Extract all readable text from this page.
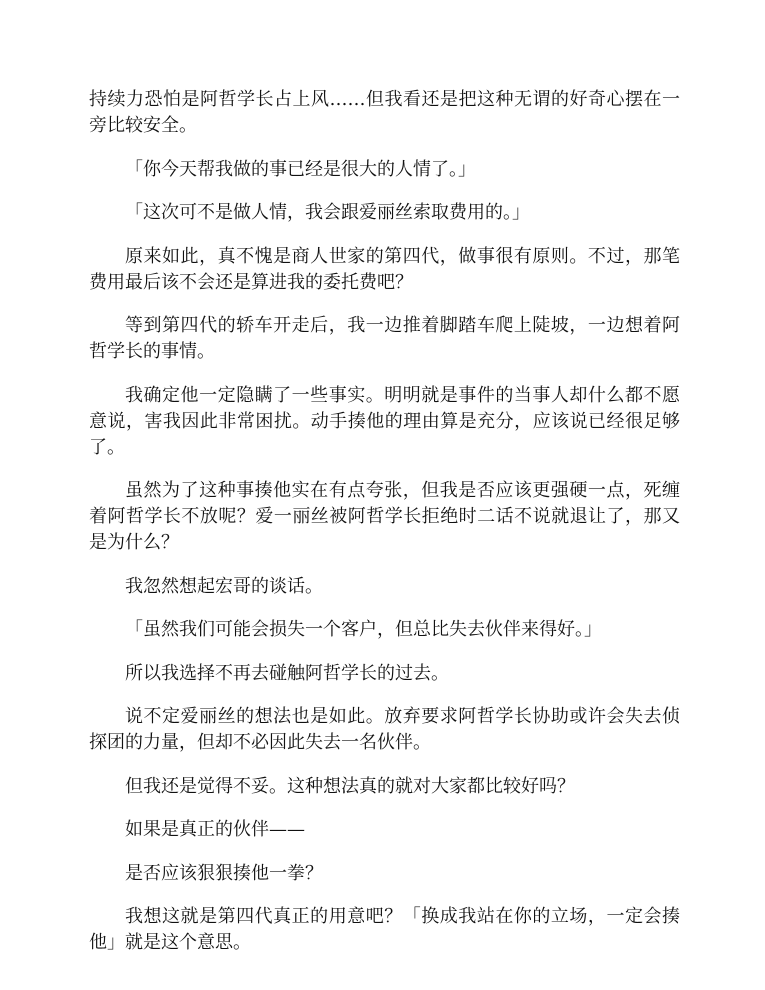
持续力恐怕是阿哲学长占上风……但我看还是把这种无谓的好奇心摆在一旁比较安全。

「你今天帮我做的事已经是很大的人情了。」

「这次可不是做人情，我会跟爱丽丝索取费用的。」

原来如此，真不愧是商人世家的第四代，做事很有原则。不过，那笔费用最后该不会还是算进我的委托费吧？

等到第四代的轿车开走后，我一边推着脚踏车爬上陡坡，一边想着阿哲学长的事情。

我确定他一定隐瞒了一些事实。明明就是事件的当事人却什么都不愿意说，害我因此非常困扰。动手揍他的理由算是充分，应该说已经很足够了。

虽然为了这种事揍他实在有点夸张，但我是否应该更强硬一点，死缠着阿哲学长不放呢？爱一丽丝被阿哲学长拒绝时二话不说就退让了，那又是为什么？

我忽然想起宏哥的谈话。

「虽然我们可能会损失一个客户，但总比失去伙伴来得好。」

所以我选择不再去碰触阿哲学长的过去。

说不定爱丽丝的想法也是如此。放弃要求阿哲学长协助或许会失去侦探团的力量，但却不必因此失去一名伙伴。

但我还是觉得不妥。这种想法真的就对大家都比较好吗？

如果是真正的伙伴——

是否应该狠狠揍他一拳？

我想这就是第四代真正的用意吧？「换成我站在你的立场，一定会揍他」就是这个意思。
